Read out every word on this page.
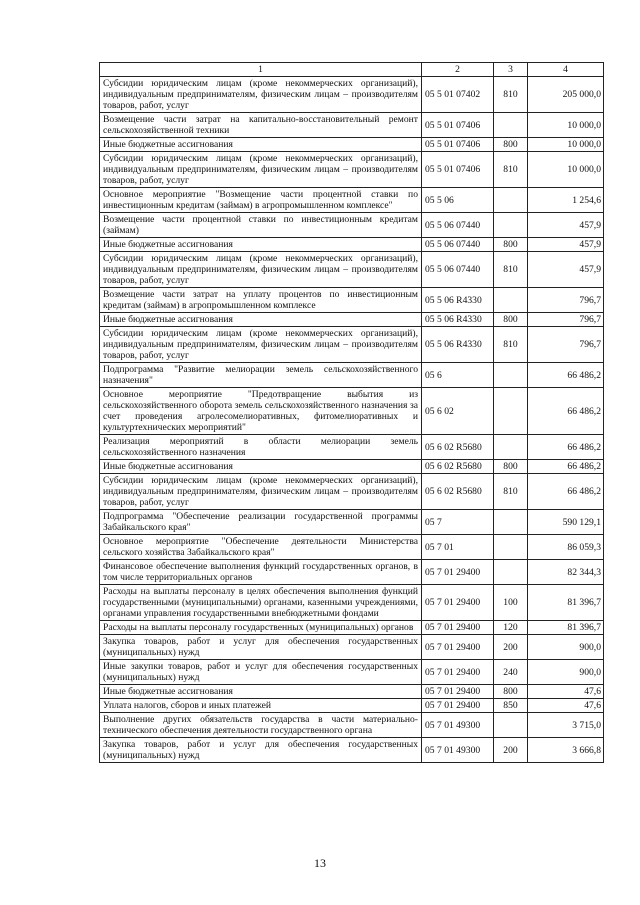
1	2	3	4
Субсидии юридическим лицам (кроме некоммерческих организаций), индивидуальным предпринимателям, физическим лицам – производителям товаров, работ, услуг	05 5 01 07402	810	205 000,0
Возмещение части затрат на капитально-восстановительный ремонт сельскохозяйственной техники	05 5 01 07406		10 000,0
Иные бюджетные ассигнования	05 5 01 07406	800	10 000,0
Субсидии юридическим лицам (кроме некоммерческих организаций), индивидуальным предпринимателям, физическим лицам – производителям товаров, работ, услуг	05 5 01 07406	810	10 000,0
Основное мероприятие "Возмещение части процентной ставки по инвестиционным кредитам (займам) в агропромышленном комплексе"	05 5 06		1 254,6
Возмещение части процентной ставки по инвестиционным кредитам (займам)	05 5 06 07440		457,9
Иные бюджетные ассигнования	05 5 06 07440	800	457,9
Субсидии юридическим лицам (кроме некоммерческих организаций), индивидуальным предпринимателям, физическим лицам – производителям товаров, работ, услуг	05 5 06 07440	810	457,9
Возмещение части затрат на уплату процентов по инвестиционным кредитам (займам) в агропромышленном комплексе	05 5 06 R4330		796,7
Иные бюджетные ассигнования	05 5 06 R4330	800	796,7
Субсидии юридическим лицам (кроме некоммерческих организаций), индивидуальным предпринимателям, физическим лицам – производителям товаров, работ, услуг	05 5 06 R4330	810	796,7
Подпрограмма "Развитие мелиорации земель сельскохозяйственного назначения"	05 6		66 486,2
Основное мероприятие "Предотвращение выбытия из сельскохозяйственного оборота земель сельскохозяйственного назначения за счет проведения агролесомелиоративных, фитомелиоративных и культуртехнических мероприятий"	05 6 02		66 486,2
Реализация мероприятий в области мелиорации земель сельскохозяйственного назначения	05 6 02 R5680		66 486,2
Иные бюджетные ассигнования	05 6 02 R5680	800	66 486,2
Субсидии юридическим лицам (кроме некоммерческих организаций), индивидуальным предпринимателям, физическим лицам – производителям товаров, работ, услуг	05 6 02 R5680	810	66 486,2
Подпрограмма "Обеспечение реализации государственной программы Забайкальского края"	05 7		590 129,1
Основное мероприятие "Обеспечение деятельности Министерства сельского хозяйства Забайкальского края"	05 7 01		86 059,3
Финансовое обеспечение выполнения функций государственных органов, в том числе территориальных органов	05 7 01 29400		82 344,3
Расходы на выплаты персоналу в целях обеспечения выполнения функций государственными (муниципальными) органами, казенными учреждениями, органами управления государственными внебюджетными фондами	05 7 01 29400	100	81 396,7
Расходы на выплаты персоналу государственных (муниципальных) органов	05 7 01 29400	120	81 396,7
Закупка товаров, работ и услуг для обеспечения государственных (муниципальных) нужд	05 7 01 29400	200	900,0
Иные закупки товаров, работ и услуг для обеспечения государственных (муниципальных) нужд	05 7 01 29400	240	900,0
Иные бюджетные ассигнования	05 7 01 29400	800	47,6
Уплата налогов, сборов и иных платежей	05 7 01 29400	850	47,6
Выполнение других обязательств государства в части материально-технического обеспечения деятельности государственного органа	05 7 01 49300		3 715,0
Закупка товаров, работ и услуг для обеспечения государственных (муниципальных) нужд	05 7 01 49300	200	3 666,8
13
